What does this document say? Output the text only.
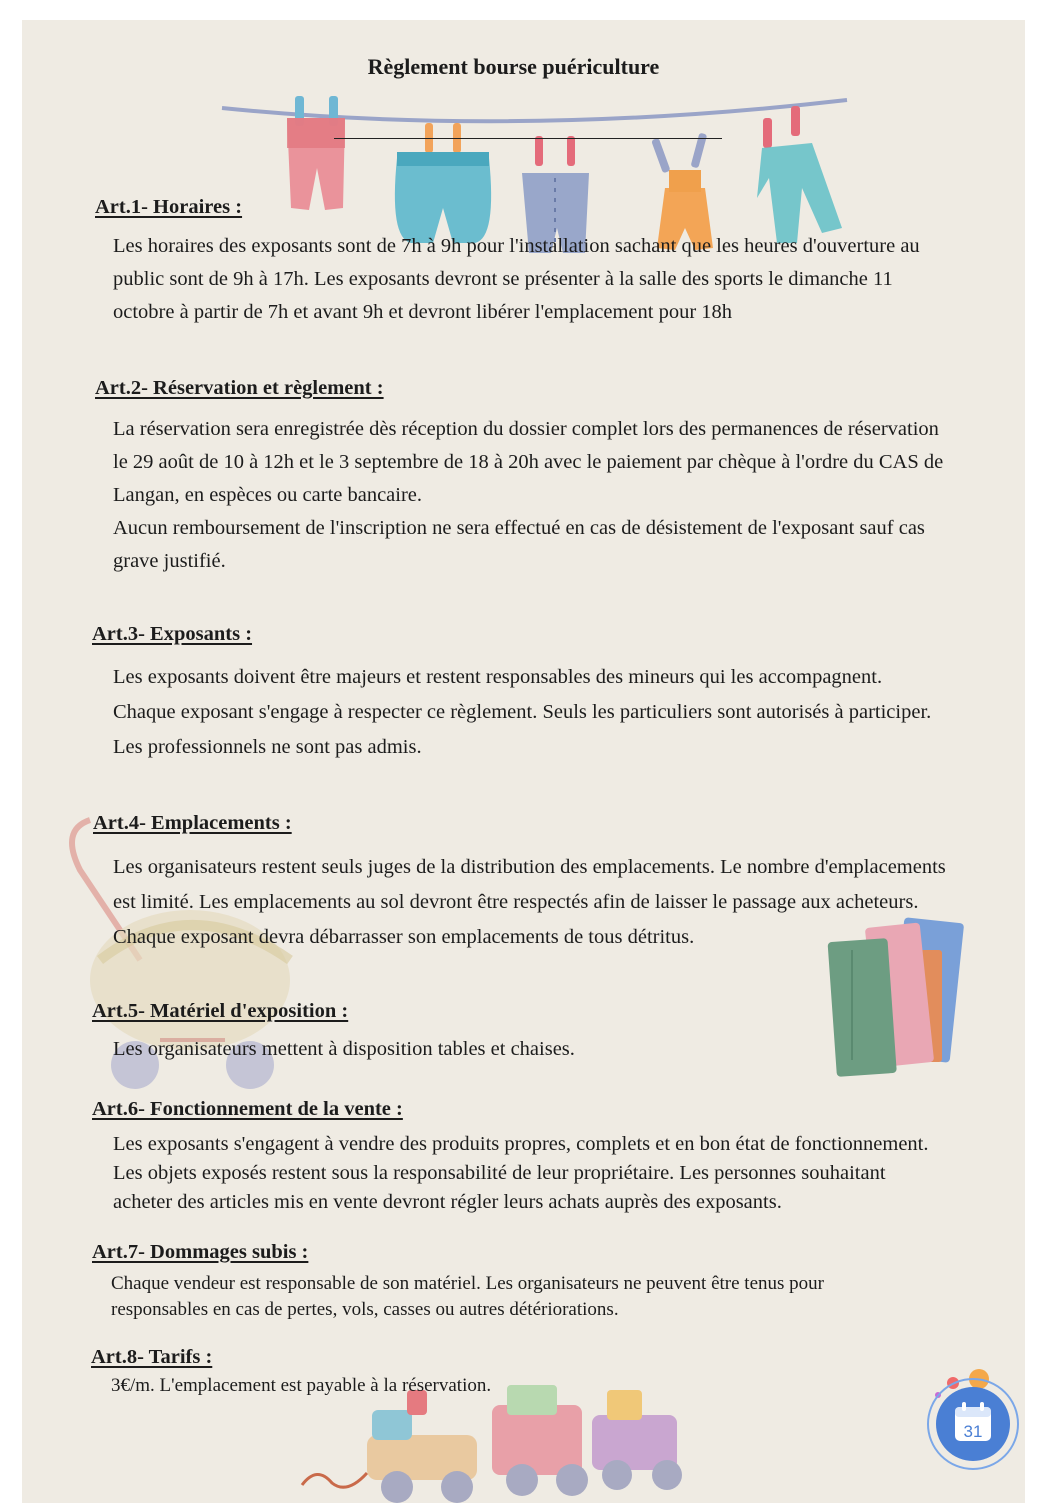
Règlement bourse puériculture
Art.1- Horaires :
Les horaires des exposants sont de 7h à 9h pour l'installation sachant que les heures d'ouverture au
public sont de 9h à 17h. Les exposants devront se présenter à la salle des sports le dimanche 11
octobre à partir de 7h et avant 9h et devront libérer l'emplacement pour 18h
Art.2- Réservation et règlement :
La réservation sera enregistrée dès réception du dossier complet lors des permanences de réservation
le 29 août de 10 à 12h et le 3 septembre de 18 à 20h avec le paiement par chèque à l'ordre du CAS de
Langan, en espèces ou carte bancaire.
Aucun remboursement de l'inscription ne sera effectué en cas de désistement de l'exposant sauf cas
grave justifié.
Art.3- Exposants :
Les exposants doivent être majeurs et restent responsables des mineurs qui les accompagnent.
Chaque exposant s'engage à respecter ce règlement. Seuls les particuliers sont autorisés à participer.
Les professionnels ne sont pas admis.
Art.4- Emplacements :
Les organisateurs restent seuls juges de la distribution des emplacements. Le nombre d'emplacements
est limité. Les emplacements au sol devront être respectés afin de laisser le passage aux acheteurs.
Chaque exposant devra débarrasser son emplacements de tous détritus.
Art.5- Matériel d'exposition :
Les organisateurs mettent à disposition tables et chaises.
Art.6- Fonctionnement de la vente :
Les exposants s'engagent à vendre des produits propres, complets et en bon état de fonctionnement.
Les objets exposés restent sous la responsabilité de leur propriétaire. Les personnes souhaitant
acheter des articles mis en vente devront régler leurs achats auprès des exposants.
Art.7- Dommages subis :
Chaque vendeur est responsable de son matériel. Les organisateurs ne peuvent être tenus pour
responsables en cas de pertes, vols, casses ou autres détériorations.
Art.8- Tarifs :
3€/m. L'emplacement est payable à la réservation.
31
